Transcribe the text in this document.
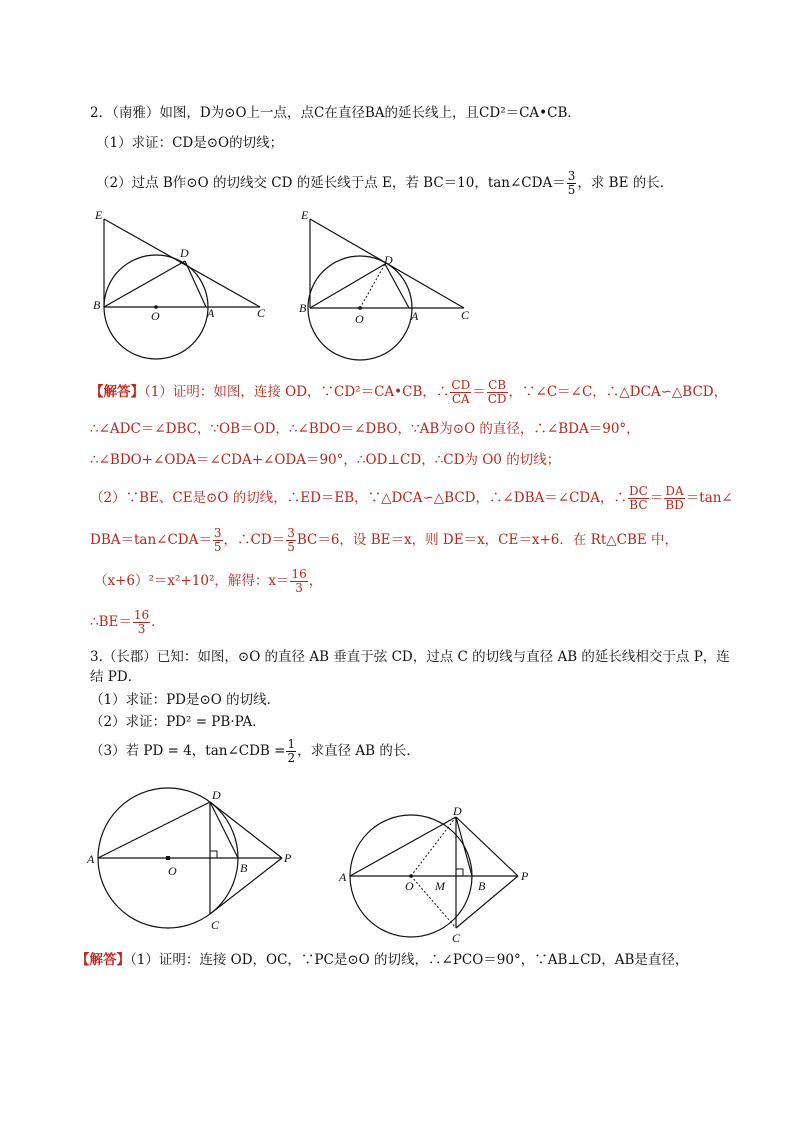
2．（南雅）如图，D为⊙O上一点，点C在直径BA的延长线上，且CD²＝CA•CB．
（1）求证：CD是⊙O的切线；
（2）过点 B作⊙O 的切线交 CD 的延长线于点 E，若 BC＝10，tan∠CDA＝ $\frac{3}{5}$ ，求 BE 的长．
E
D
B
O	A	C
E
D
B
O	A	C
【解答】（1）证明：如图，连接 OD，∵CD²＝CA•CB，∴ $\frac{CD}{CA} = \frac{CB}{CD}$ ，∵∠C＝∠C，∴△DCA∽△BCD，
∴∠ADC＝∠DBC，∵OB＝OD，∴∠BDO＝∠DBO，∵AB为⊙O 的直径，∴∠BDA＝90°，
∴∠BDO+∠ODA＝∠CDA+∠ODA＝90°，∴OD⊥CD，∴CD为 O0 的切线；
（2）∵BE、CE是⊙O 的切线，∴ED＝EB，∵△DCA∽△BCD，∴∠DBA＝∠CDA，∴ $\frac{DC}{BC} = \frac{DA}{BD}$ ＝tan∠
DBA＝tan∠CDA＝ $\frac{3}{5}$ ，∴CD＝ $\frac{3}{5} BC=6$，设 BE＝x，则 DE＝x，CE＝x+6．在 Rt△CBE 中，
（x+6）²＝x²+10²，解得：$x= \frac{16}{3}$ ，
∴BE＝ $\frac{16}{3}$ ．
3.（长郡）已知：如图，⊙O 的直径 AB 垂直于弦 CD，过点 C 的切线与直径 AB 的延长线相交于点 P，连
结 PD．
（1）求证：PD是⊙O 的切线．
（2）求证：PD² = PB·PA．
（3）若 PD = 4，tan∠CDB = $\frac{1}{2}$ ，求直径 AB 的长．
A
O
D
B
P
C
A
O M
D
B
P
C
【解答】（1）证明：连接 OD，OC，∵PC是⊙O 的切线，∴∠PCO＝90°，∵AB⊥CD，AB是直径，
